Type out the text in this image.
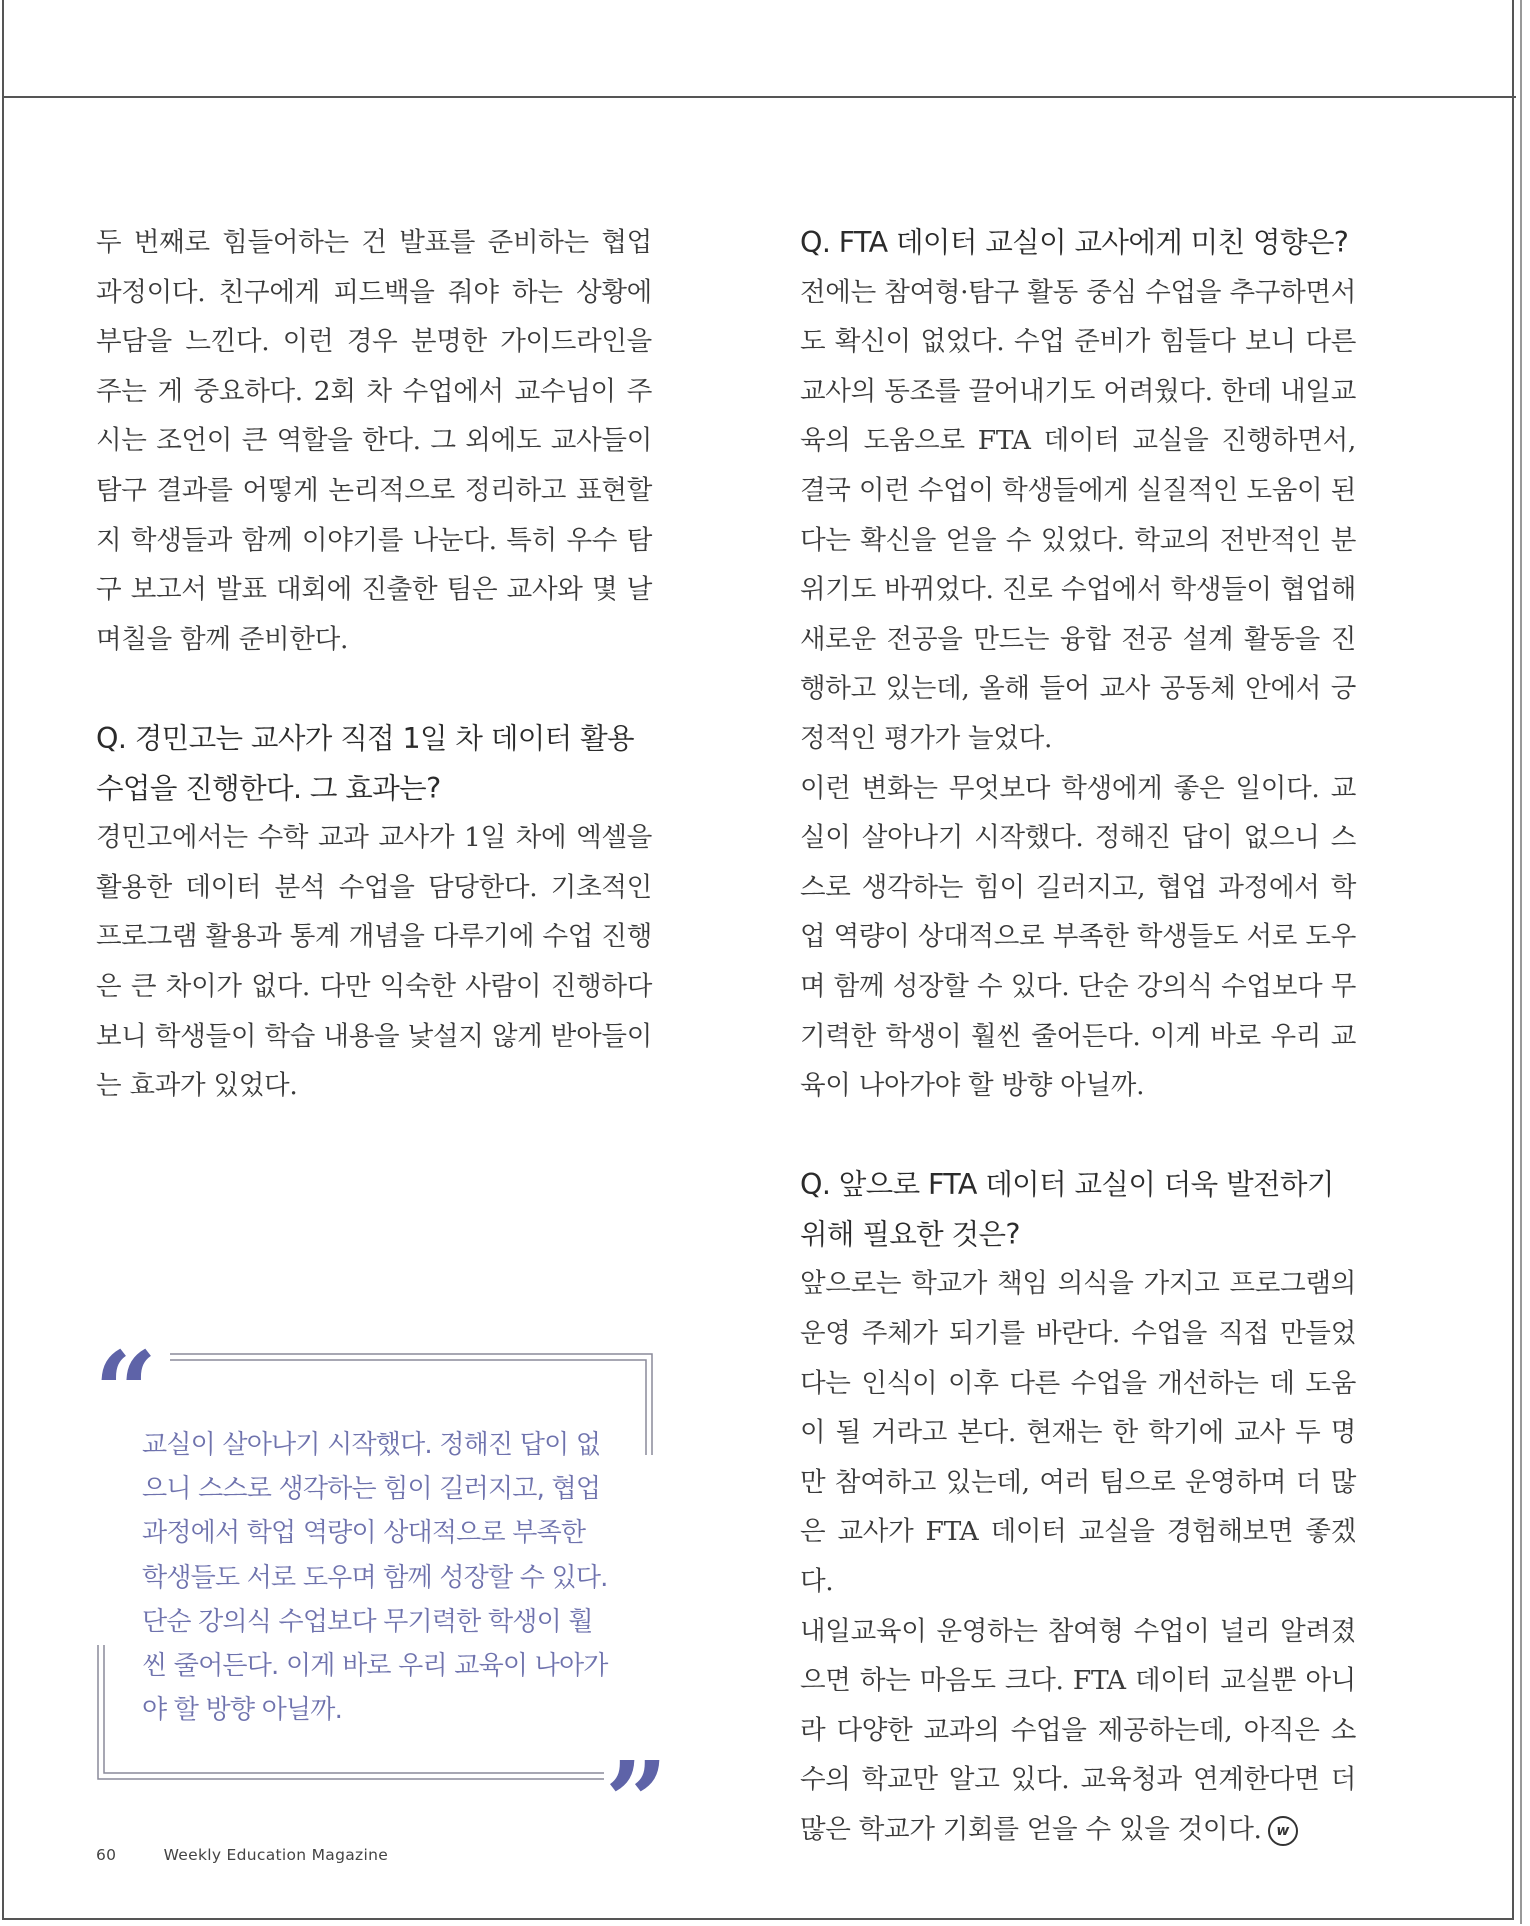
두 번째로 힘들어하는 건 발표를 준비하는 협업 과정이다. 친구에게 피드백을 줘야 하는 상황에 부담을 느낀다. 이런 경우 분명한 가이드라인을 주는 게 중요하다. 2회 차 수업에서 교수님이 주시는 조언이 큰 역할을 한다. 그 외에도 교사들이 탐구 결과를 어떻게 논리적으로 정리하고 표현할지 학생들과 함께 이야기를 나눈다. 특히 우수 탐구 보고서 발표 대회에 진출한 팀은 교사와 몇 날 며칠을 함께 준비한다.

Q. 경민고는 교사가 직접 1일 차 데이터 활용 수업을 진행한다. 그 효과는?

경민고에서는 수학 교과 교사가 1일 차에 엑셀을 활용한 데이터 분석 수업을 담당한다. 기초적인 프로그램 활용과 통계 개념을 다루기에 수업 진행은 큰 차이가 없다. 다만 익숙한 사람이 진행하다 보니 학생들이 학습 내용을 낯설지 않게 받아들이는 효과가 있었다.

“
교실이 살아나기 시작했다. 정해진 답이 없으니 스스로 생각하는 힘이 길러지고, 협업 과정에서 학업 역량이 상대적으로 부족한 학생들도 서로 도우며 함께 성장할 수 있다. 단순 강의식 수업보다 무기력한 학생이 훨씬 줄어든다. 이게 바로 우리 교육이 나아가야 할 방향 아닐까.
”
Q. FTA 데이터 교실이 교사에게 미친 영향은?

전에는 참여형·탐구 활동 중심 수업을 추구하면서도 확신이 없었다. 수업 준비가 힘들다 보니 다른 교사의 동조를 끌어내기도 어려웠다. 한데 내일교육의 도움으로 FTA 데이터 교실을 진행하면서, 결국 이런 수업이 학생들에게 실질적인 도움이 된다는 확신을 얻을 수 있었다. 학교의 전반적인 분위기도 바뀌었다. 진로 수업에서 학생들이 협업해 새로운 전공을 만드는 융합 전공 설계 활동을 진행하고 있는데, 올해 들어 교사 공동체 안에서 긍정적인 평가가 늘었다.

이런 변화는 무엇보다 학생에게 좋은 일이다. 교실이 살아나기 시작했다. 정해진 답이 없으니 스스로 생각하는 힘이 길러지고, 협업 과정에서 학업 역량이 상대적으로 부족한 학생들도 서로 도우며 함께 성장할 수 있다. 단순 강의식 수업보다 무기력한 학생이 훨씬 줄어든다. 이게 바로 우리 교육이 나아가야 할 방향 아닐까.

Q. 앞으로 FTA 데이터 교실이 더욱 발전하기 위해 필요한 것은?

앞으로는 학교가 책임 의식을 가지고 프로그램의 운영 주체가 되기를 바란다. 수업을 직접 만들었다는 인식이 이후 다른 수업을 개선하는 데 도움이 될 거라고 본다. 현재는 한 학기에 교사 두 명만 참여하고 있는데, 여러 팀으로 운영하며 더 많은 교사가 FTA 데이터 교실을 경험해보면 좋겠다.

내일교육이 운영하는 참여형 수업이 널리 알려졌으면 하는 마음도 크다. FTA 데이터 교실뿐 아니라 다양한 교과의 수업을 제공하는데, 아직은 소수의 학교만 알고 있다. 교육청과 연계한다면 더 많은 학교가 기회를 얻을 수 있을 것이다. w

60	Weekly Education Magazine
